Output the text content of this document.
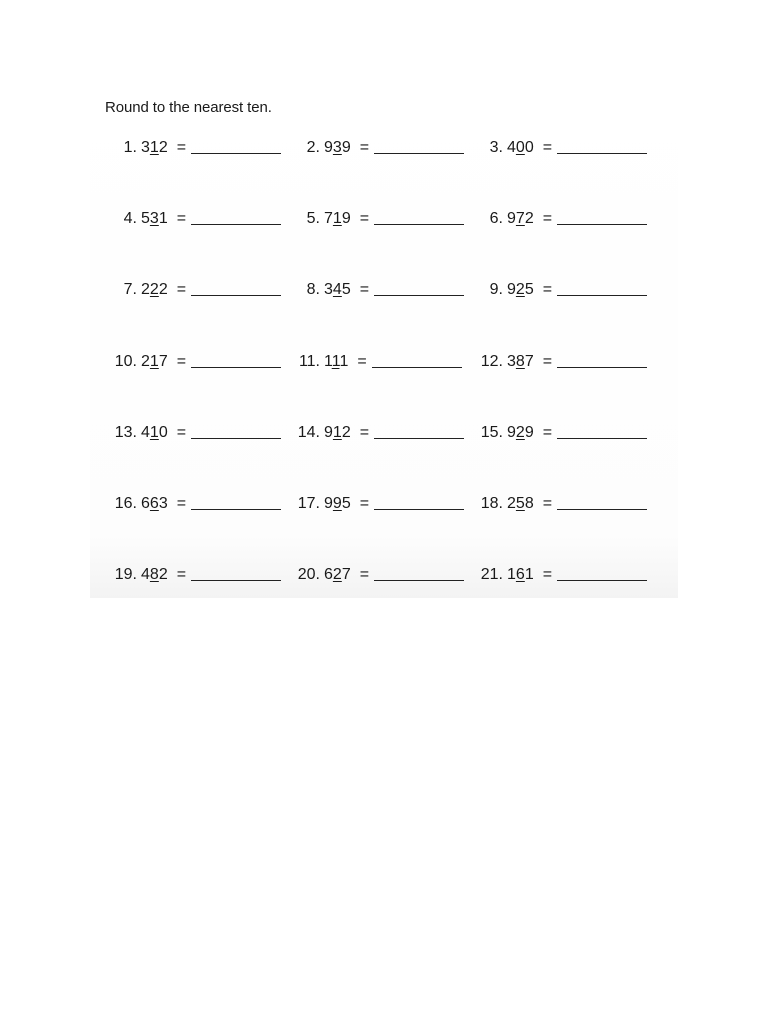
Round to the nearest ten.
1. 312 =	2. 939 =	3. 400 =
4. 531 =	5. 719 =	6. 972 =
7. 222 =	8. 345 =	9. 925 =
10. 217 =	11. 111 =	12. 387 =
13. 410 =	14. 912 =	15. 929 =
16. 663 =	17. 995 =	18. 258 =
19. 482 =	20. 627 =	21. 161 =
